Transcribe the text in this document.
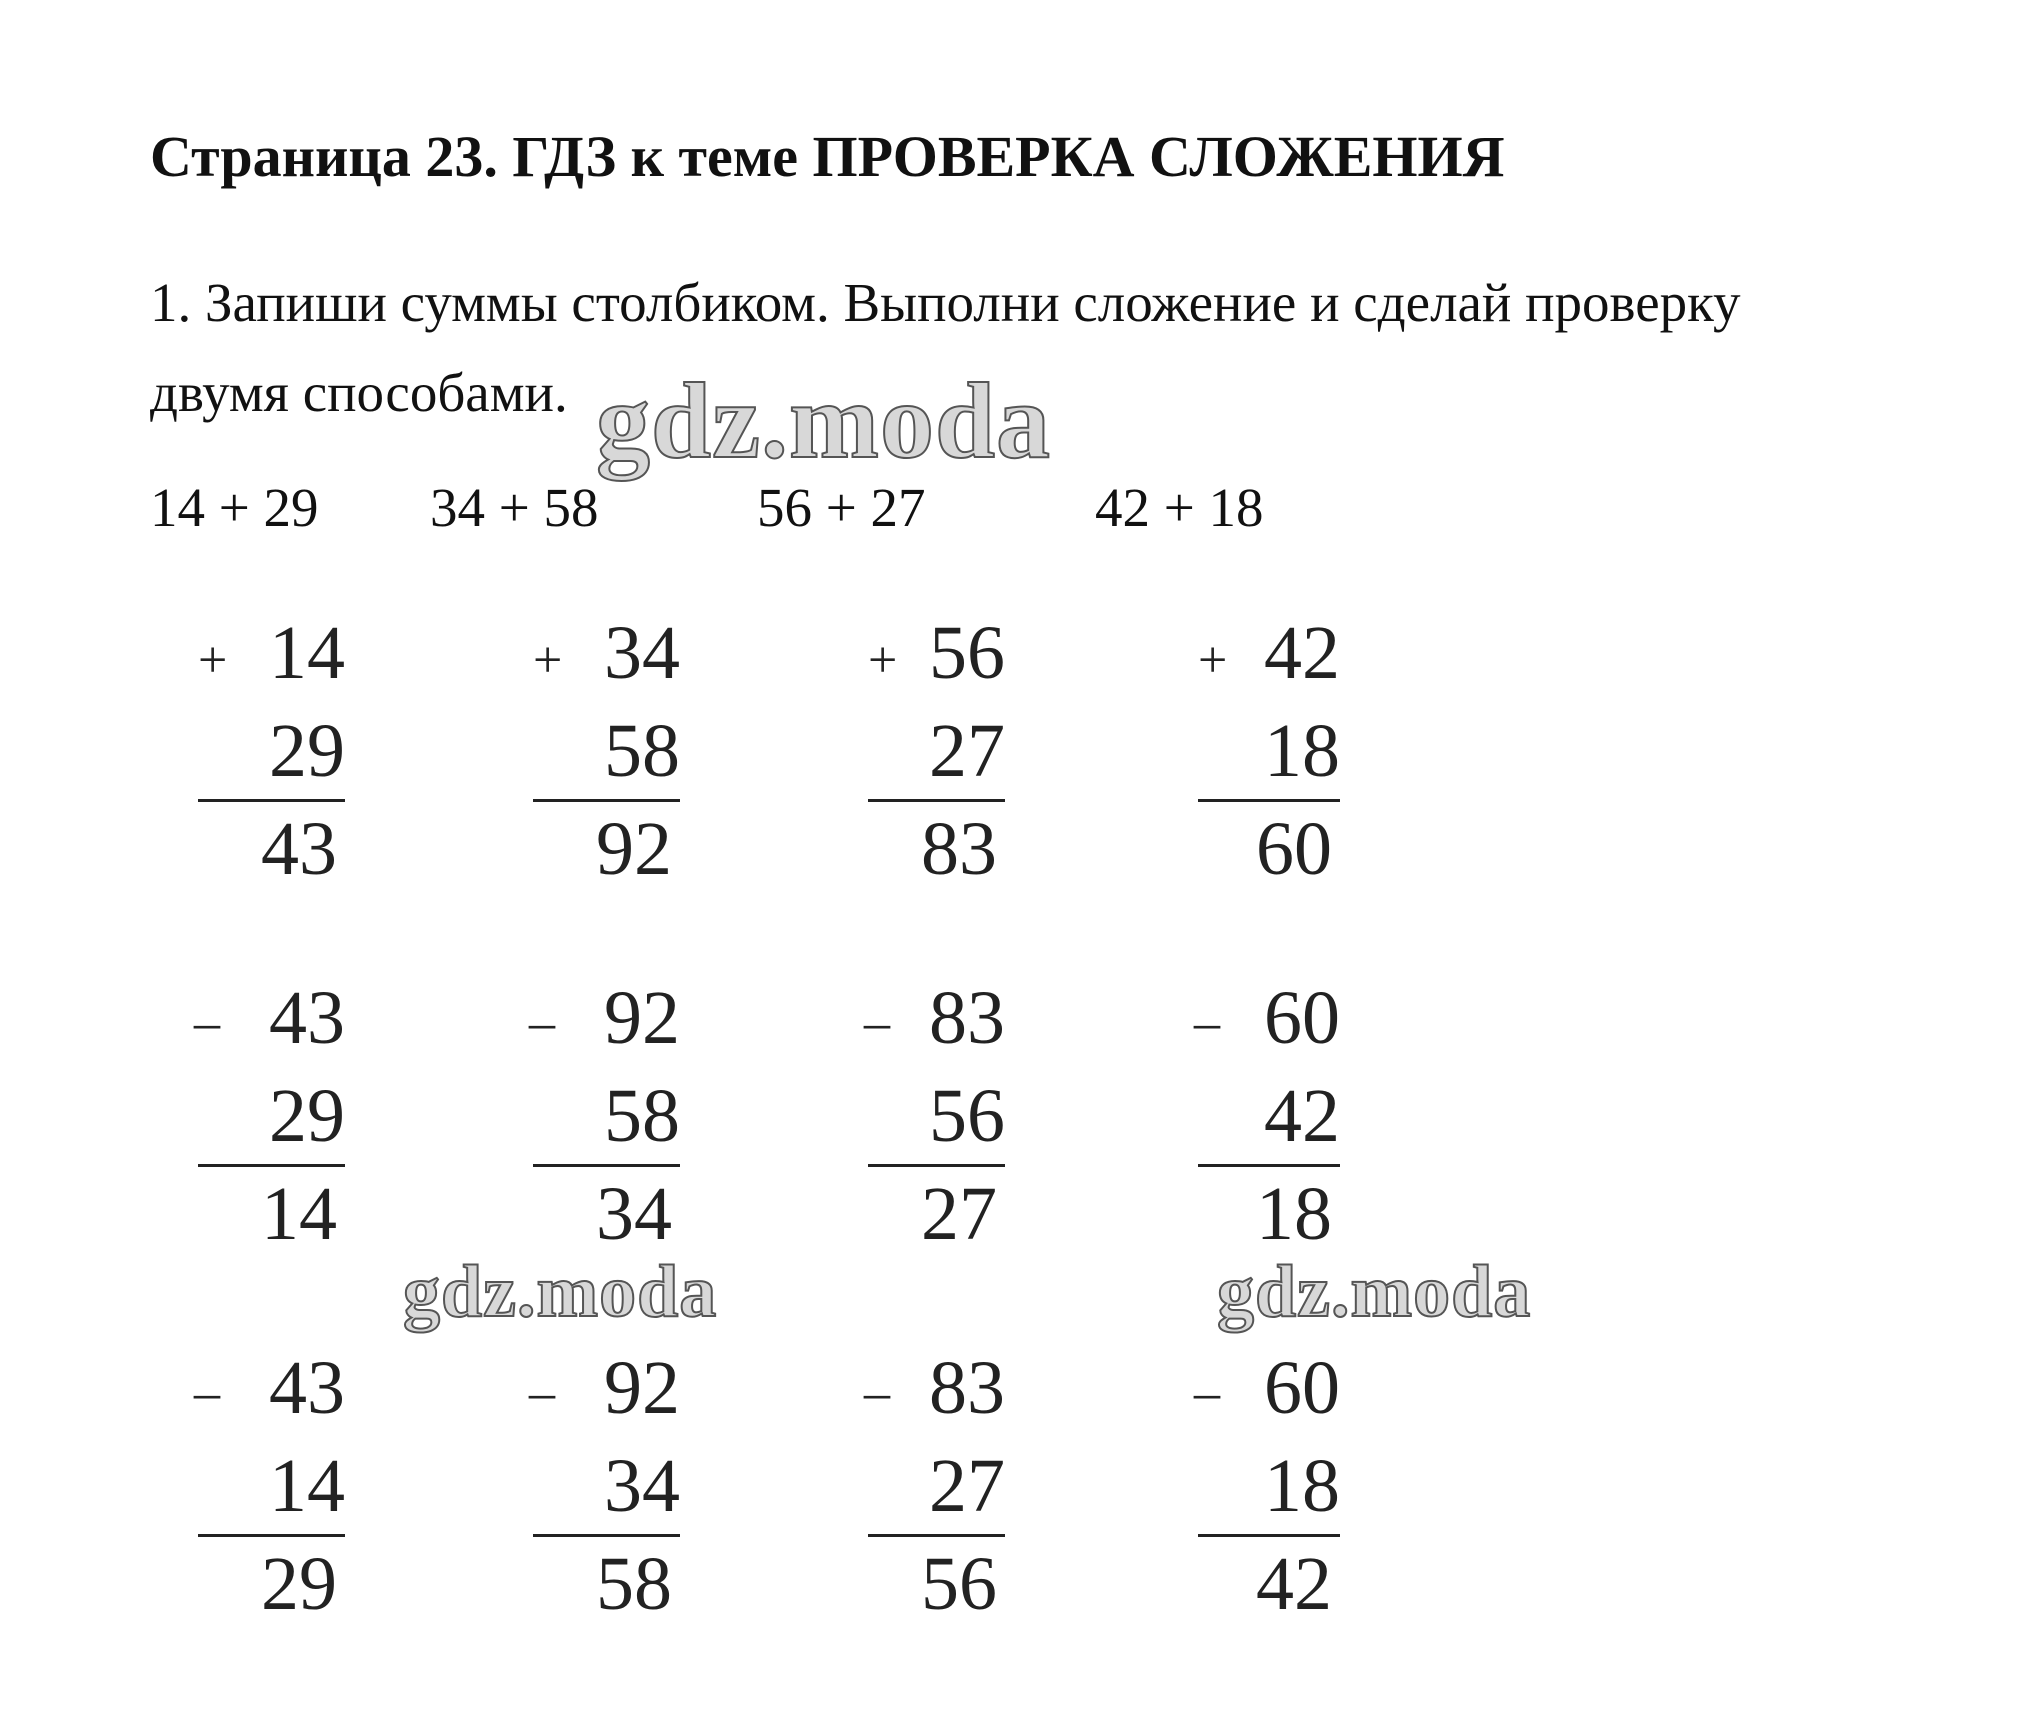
Страница 23. ГДЗ к теме ПРОВЕРКА СЛОЖЕНИЯ
1. Запиши суммы столбиком. Выполни сложение и сделай проверку
двумя способами.
14 + 29 34 + 58	56 + 27	42 + 18
+ 14
29
43
+ 34
58
92
+ 56
27
83
+ 42
18
60
_ 43
29
14
_ 92
58
34
_ 83
56
27
_ 60
42
18
_ 43
14
29
_ 92
34
58
_ 83
27
56
_ 60
18
42
gdz.moda
gdz.moda	gdz.moda
